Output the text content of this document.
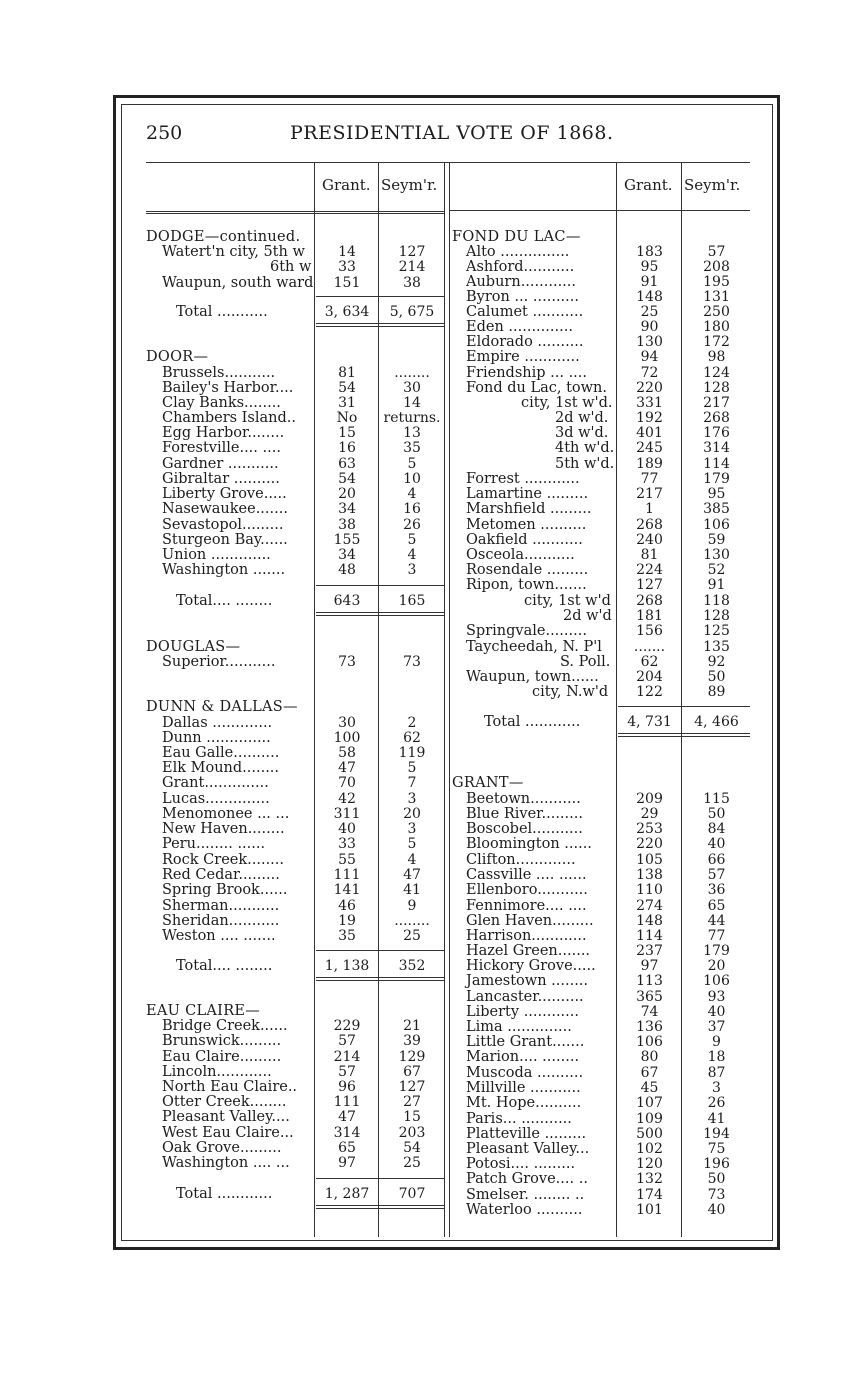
250	PRESIDENTIAL VOTE OF 1868.
Grant. Seym'r.	Grant. Seym'r.
DODGE—continued.
Watert'n city, 5th w	14	127
6th w	33	214
Waupun, south ward	151	38
Total ...........	3, 634	5, 675
DOOR—
Brussels...........	81	........
Bailey's Harbor....	54	30
Clay Banks........	31	14
Chambers Island..	No	returns.
Egg Harbor........	15	13
Forestville.... ....	16	35
Gardner ...........	63	5
Gibraltar ..........	54	10
Liberty Grove.....	20	4
Nasewaukee.......	34	16
Sevastopol.........	38	26
Sturgeon Bay......	155	5
Union .............	34	4
Washington .......	48	3
Total.... ........	643	165
DOUGLAS—
Superior...........	73	73
DUNN & DALLAS—
Dallas .............	30	2
Dunn ..............	100	62
Eau Galle..........	58	119
Elk Mound........	47	5
Grant..............	70	7
Lucas..............	42	3
Menomonee ... ...	311	20
New Haven........	40	3
Peru........ ......	33	5
Rock Creek........	55	4
Red Cedar.........	111	47
Spring Brook......	141	41
Sherman...........	46	9
Sheridan...........	19	........
Weston .... .......	35	25
Total.... ........	1, 138	352
EAU CLAIRE—
Bridge Creek......	229	21
Brunswick.........	57	39
Eau Claire.........	214	129
Lincoln............	57	67
North Eau Claire..	96	127
Otter Creek........	111	27
Pleasant Valley....	47	15
West Eau Claire...	314	203
Oak Grove.........	65	54
Washington .... ...	97	25
Total ............	1, 287	707
FOND DU LAC—
Alto ...............	183	57
Ashford...........	95	208
Auburn............	91	195
Byron ... ..........	148	131
Calumet ...........	25	250
Eden ..............	90	180
Eldorado ..........	130	172
Empire ............	94	98
Friendship ... ....	72	124
Fond du Lac, town.	220	128
city, 1st w'd.	331	217
2d w'd.	192	268
3d w'd.	401	176
4th w'd.	245	314
5th w'd.	189	114
Forrest ............	77	179
Lamartine .........	217	95
Marshfield .........	1	385
Metomen ..........	268	106
Oakfield ...........	240	59
Osceola...........	81	130
Rosendale .........	224	52
Ripon, town.......	127	91
city, 1st w'd	268	118
2d w'd	181	128
Springvale.........	156	125
Taycheedah, N. P'l	.......	135
S. Poll.	62	92
Waupun, town......	204	50
city, N.w'd	122	89
Total ............	4, 731	4, 466
GRANT—
Beetown...........	209	115
Blue River.........	29	50
Boscobel...........	253	84
Bloomington ......	220	40
Clifton.............	105	66
Cassville .... ......	138	57
Ellenboro...........	110	36
Fennimore.... ....	274	65
Glen Haven.........	148	44
Harrison............	114	77
Hazel Green.......	237	179
Hickory Grove.....	97	20
Jamestown ........	113	106
Lancaster..........	365	93
Liberty ............	74	40
Lima ..............	136	37
Little Grant.......	106	9
Marion.... ........	80	18
Muscoda ..........	67	87
Millville ...........	45	3
Mt. Hope..........	107	26
Paris... ...........	109	41
Platteville .........	500	194
Pleasant Valley...	102	75
Potosi.... .........	120	196
Patch Grove.... ..	132	50
Smelser. ........ ..	174	73
Waterloo ..........	101	40
